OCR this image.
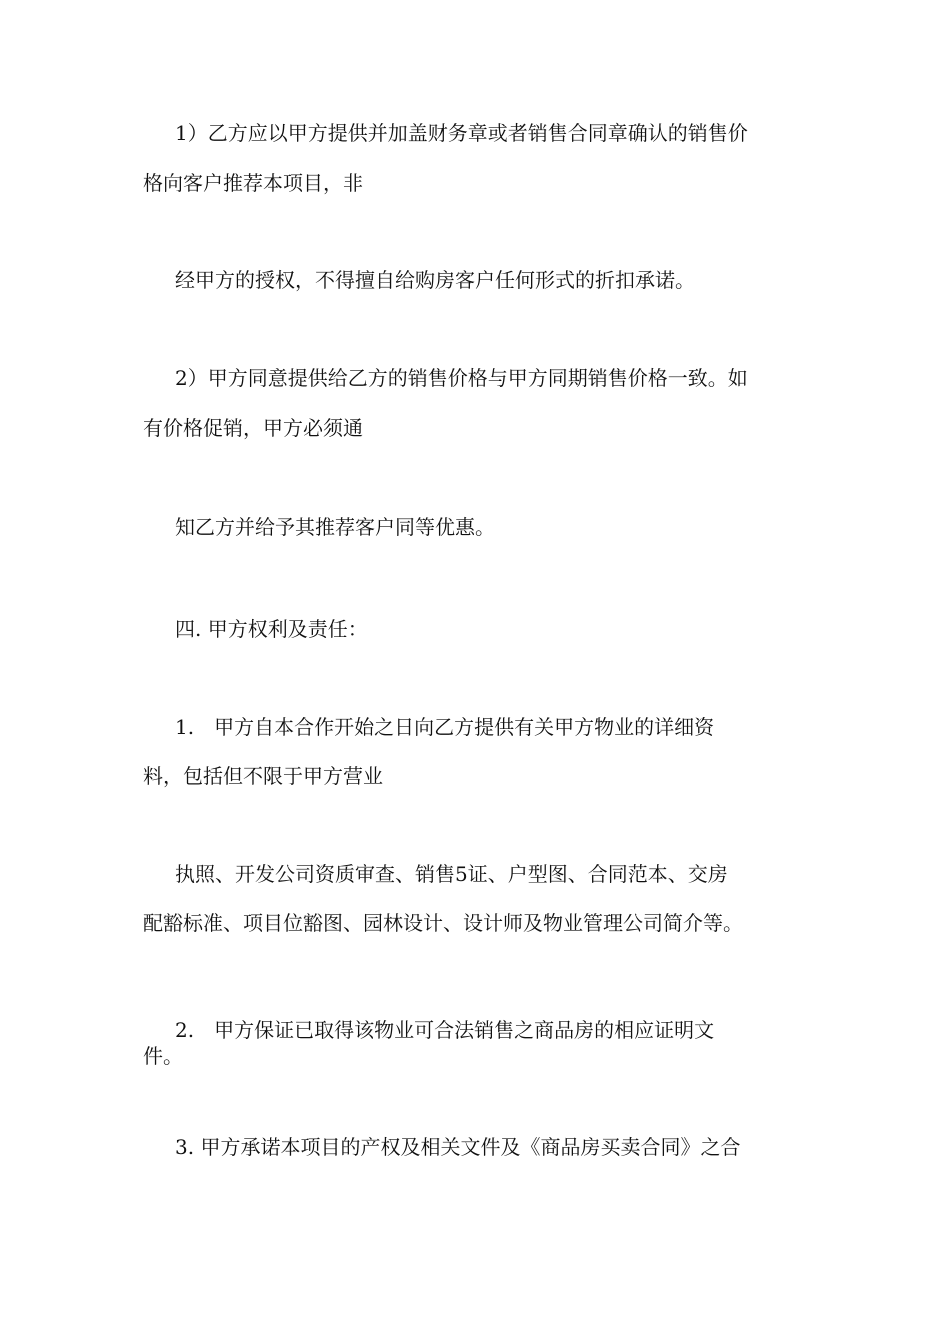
1）乙方应以甲方提供并加盖财务章或者销售合同章确认的销售价
格向客户推荐本项目，非
经甲方的授权，不得擅自给购房客户任何形式的折扣承诺。
2）甲方同意提供给乙方的销售价格与甲方同期销售价格一致。如
有价格促销，甲方必须通
知乙方并给予其推荐客户同等优惠。
四. 甲方权利及责任：
1.　甲方自本合作开始之日向乙方提供有关甲方物业的详细资
料，包括但不限于甲方营业
执照、开发公司资质审查、销售5证、户型图、合同范本、交房
配豁标准、项目位豁图、园林设计、设计师及物业管理公司简介等。
2.　甲方保证已取得该物业可合法销售之商品房的相应证明文
件。
3. 甲方承诺本项目的产权及相关文件及《商品房买卖合同》之合
